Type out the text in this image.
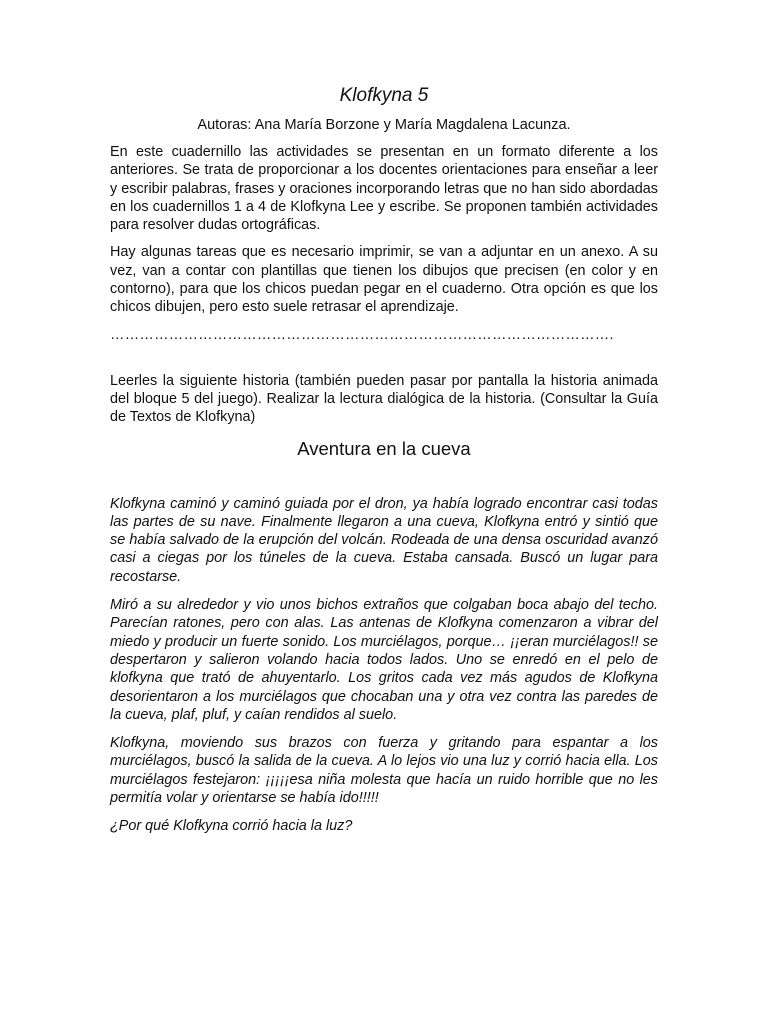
Klofkyna 5
Autoras: Ana María Borzone y María Magdalena Lacunza.

En este cuadernillo las actividades se presentan en un formato diferente a los anteriores. Se trata de proporcionar a los docentes orientaciones para enseñar a leer y escribir palabras, frases y oraciones incorporando letras que no han sido abordadas en los cuadernillos 1 a 4 de Klofkyna Lee y escribe. Se proponen también actividades para resolver dudas ortográficas.

Hay algunas tareas que es necesario imprimir, se van a adjuntar en un anexo. A su vez, van a contar con plantillas que tienen los dibujos que precisen (en color y en contorno), para que los chicos puedan pegar en el cuaderno. Otra opción es que los chicos dibujen, pero esto suele retrasar el aprendizaje.

………………………………………………………………………………………….

Leerles la siguiente historia (también pueden pasar por pantalla la historia animada del bloque 5 del juego). Realizar la lectura dialógica de la historia. (Consultar la Guía de Textos de Klofkyna)

Aventura en la cueva

Klofkyna caminó y caminó guiada por el dron, ya había logrado encontrar casi todas las partes de su nave. Finalmente llegaron a una cueva, Klofkyna entró y sintió que se había salvado de la erupción del volcán. Rodeada de una densa oscuridad avanzó casi a ciegas por los túneles de la cueva. Estaba cansada. Buscó un lugar para recostarse.

Miró a su alrededor y vio unos bichos extraños que colgaban boca abajo del techo. Parecían ratones, pero con alas. Las antenas de Klofkyna comenzaron a vibrar del miedo y producir un fuerte sonido. Los murciélagos, porque… ¡¡eran murciélagos!! se despertaron y salieron volando hacia todos lados. Uno se enredó en el pelo de klofkyna que trató de ahuyentarlo. Los gritos cada vez más agudos de Klofkyna desorientaron a los murciélagos que chocaban una y otra vez contra las paredes de la cueva, plaf, pluf, y caían rendidos al suelo.

Klofkyna, moviendo sus brazos con fuerza y gritando para espantar a los murciélagos, buscó la salida de la cueva. A lo lejos vio una luz y corrió hacia ella. Los murciélagos festejaron: ¡¡¡¡¡esa niña molesta que hacía un ruido horrible que no les permitía volar y orientarse se había ido!!!!!

¿Por qué Klofkyna corrió hacia la luz?
